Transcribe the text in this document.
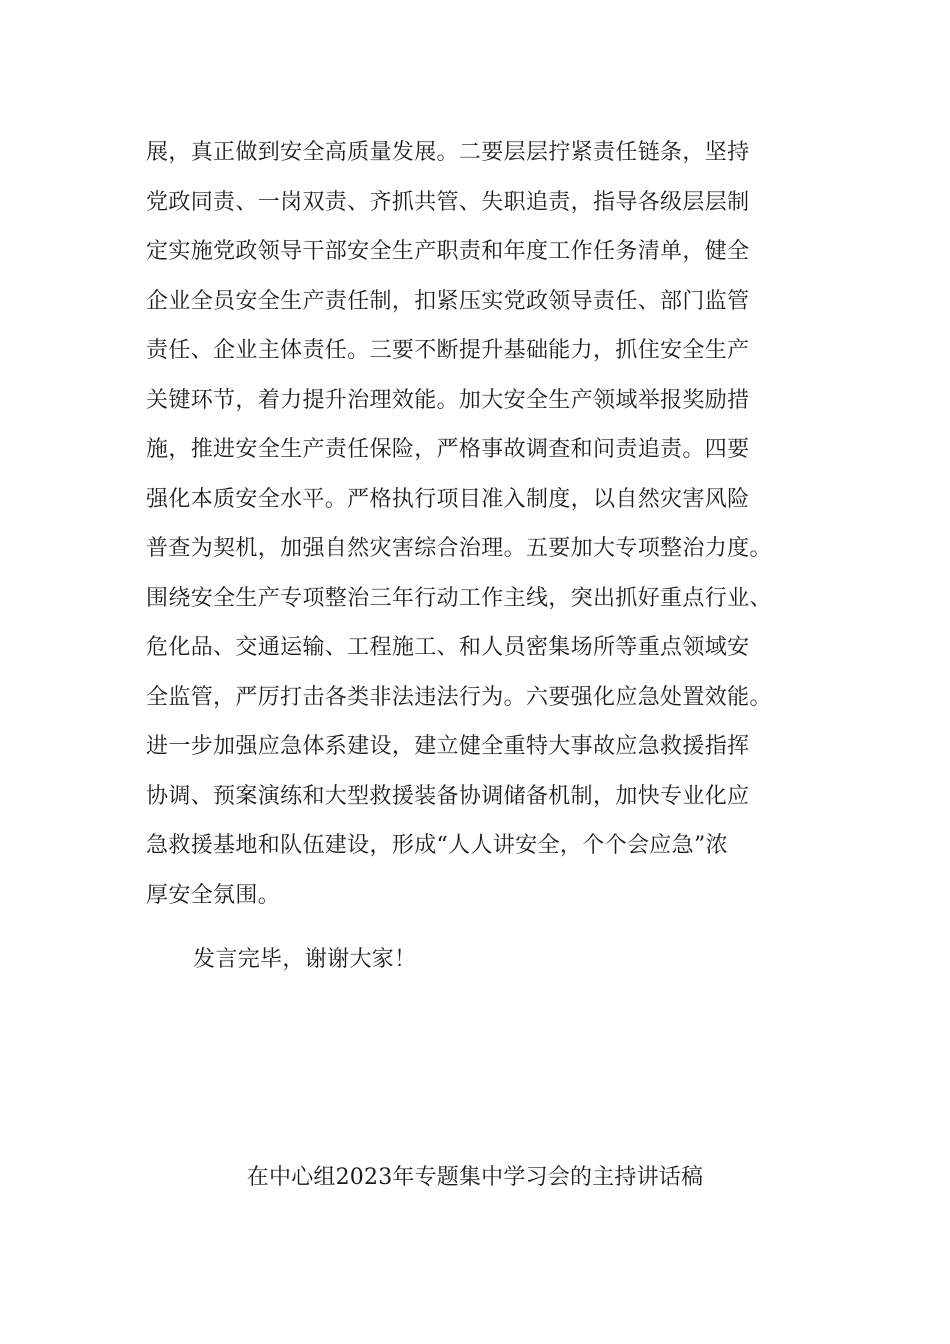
展，真正做到安全高质量发展。二要层层拧紧责任链条，坚持
党政同责、一岗双责、齐抓共管、失职追责，指导各级层层制
定实施党政领导干部安全生产职责和年度工作任务清单，健全
企业全员安全生产责任制，扣紧压实党政领导责任、部门监管
责任、企业主体责任。三要不断提升基础能力，抓住安全生产
关键环节，着力提升治理效能。加大安全生产领域举报奖励措
施，推进安全生产责任保险，严格事故调查和问责追责。四要
强化本质安全水平。严格执行项目准入制度，以自然灾害风险
普查为契机，加强自然灾害综合治理。五要加大专项整治力度。
围绕安全生产专项整治三年行动工作主线，突出抓好重点行业、
危化品、交通运输、工程施工、和人员密集场所等重点领域安
全监管，严厉打击各类非法违法行为。六要强化应急处置效能。
进一步加强应急体系建设，建立健全重特大事故应急救援指挥
协调、预案演练和大型救援装备协调储备机制，加快专业化应
急救援基地和队伍建设，形成“人人讲安全，个个会应急”浓
厚安全氛围。
发言完毕，谢谢大家！
在中心组2023年专题集中学习会的主持讲话稿
